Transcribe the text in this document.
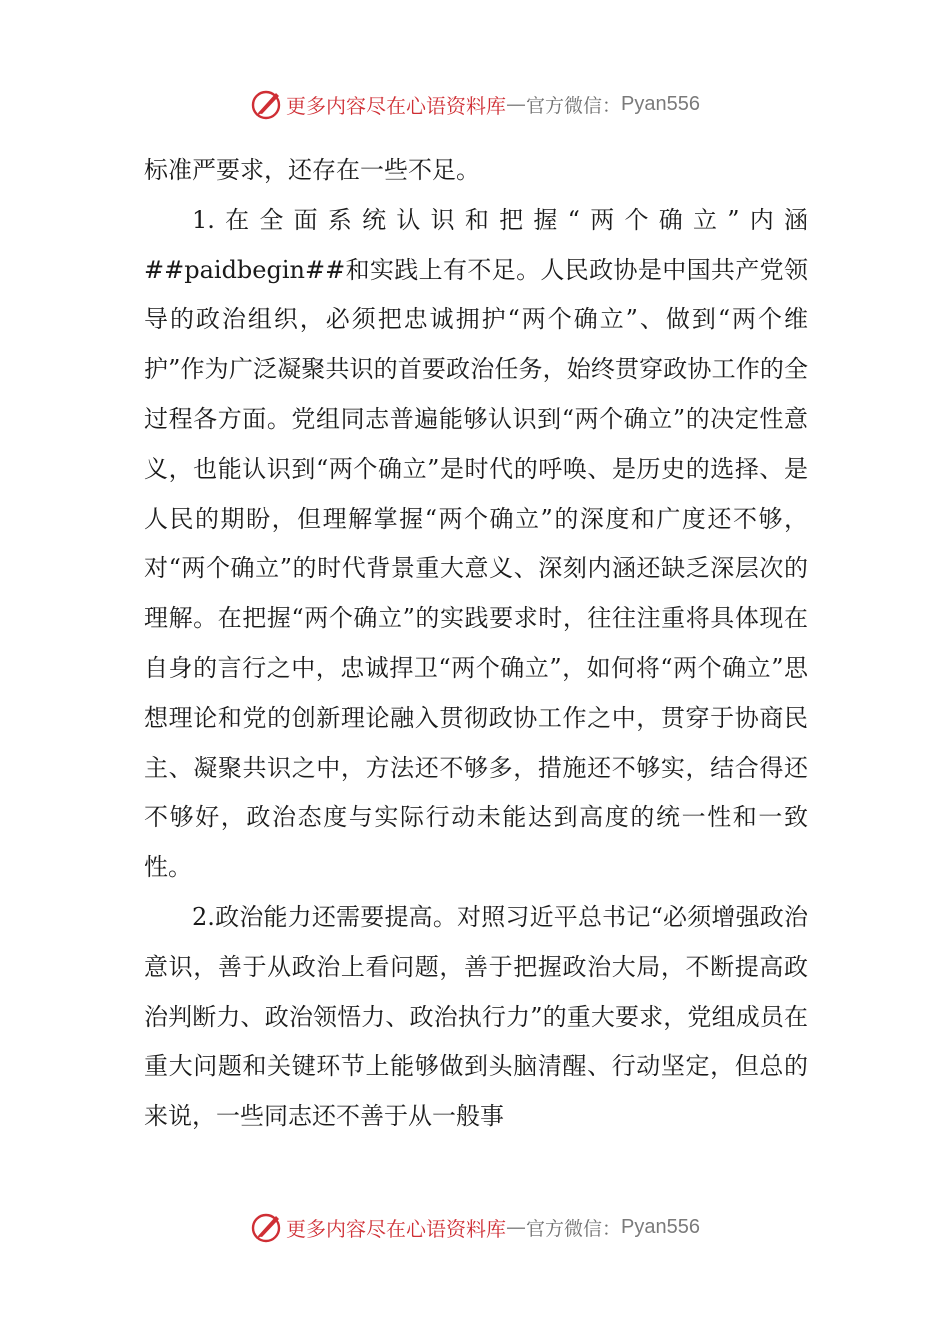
更多内容尽在心语资料库 — 官方微信： Pyan556

标准严要求，还存在一些不足。

1.在全面系统认识和把握“两个确立”内涵##paidbegin##和实践上有不足。人民政协是中国共产党领导的政治组织，必须把忠诚拥护“两个确立”、做到“两个维护”作为广泛凝聚共识的首要政治任务，始终贯穿政协工作的全过程各方面。党组同志普遍能够认识到“两个确立”的决定性意义，也能认识到“两个确立”是时代的呼唤、是历史的选择、是人民的期盼，但理解掌握“两个确立”的深度和广度还不够，对“两个确立”的时代背景重大意义、深刻内涵还缺乏深层次的理解。在把握“两个确立”的实践要求时，往往注重将具体现在自身的言行之中，忠诚捍卫“两个确立”，如何将“两个确立”思想理论和党的创新理论融入贯彻政协工作之中，贯穿于协商民主、凝聚共识之中，方法还不够多，措施还不够实，结合得还不够好，政治态度与实际行动未能达到高度的统一性和一致性。

2.政治能力还需要提高。对照习近平总书记“必须增强政治意识，善于从政治上看问题，善于把握政治大局，不断提高政治判断力、政治领悟力、政治执行力”的重大要求，党组成员在重大问题和关键环节上能够做到头脑清醒、行动坚定，但总的来说，一些同志还不善于从一般事

更多内容尽在心语资料库 — 官方微信： Pyan556
